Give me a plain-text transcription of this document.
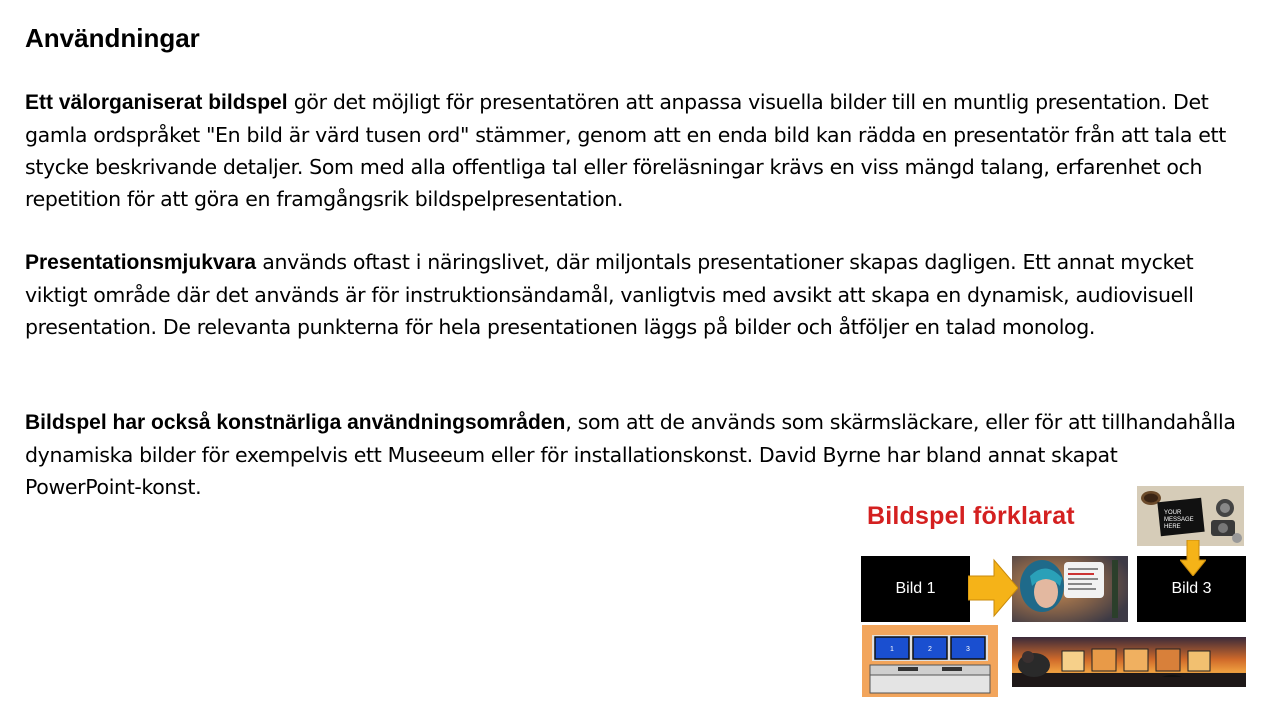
Användningar

Ett välorganiserat bildspel gör det möjligt för presentatören att anpassa visuella bilder till en muntlig presentation. Det gamla ordspråket "En bild är värd tusen ord" stämmer, genom att en enda bild kan rädda en presentatör från att tala ett stycke beskrivande detaljer. Som med alla offentliga tal eller föreläsningar krävs en viss mängd talang, erfarenhet och repetition för att göra en framgångsrik bildspelpresentation.

Presentationsmjukvara används oftast i näringslivet, där miljontals presentationer skapas dagligen. Ett annat mycket viktigt område där det används är för instruktionsändamål, vanligtvis med avsikt att skapa en dynamisk, audiovisuell presentation. De relevanta punkterna för hela presentationen läggs på bilder och åtföljer en talad monolog.

Bildspel har också konstnärliga användningsområden, som att de används som skärmsläckare, eller för att tillhandahålla dynamiska bilder för exempelvis ett Museeum eller för installationskonst. David Byrne har bland annat skapat PowerPoint-konst.

Bildspel förklarat	YOUR
MESSAGE
HERE
Bild 1	Bild 3
1	2	3
